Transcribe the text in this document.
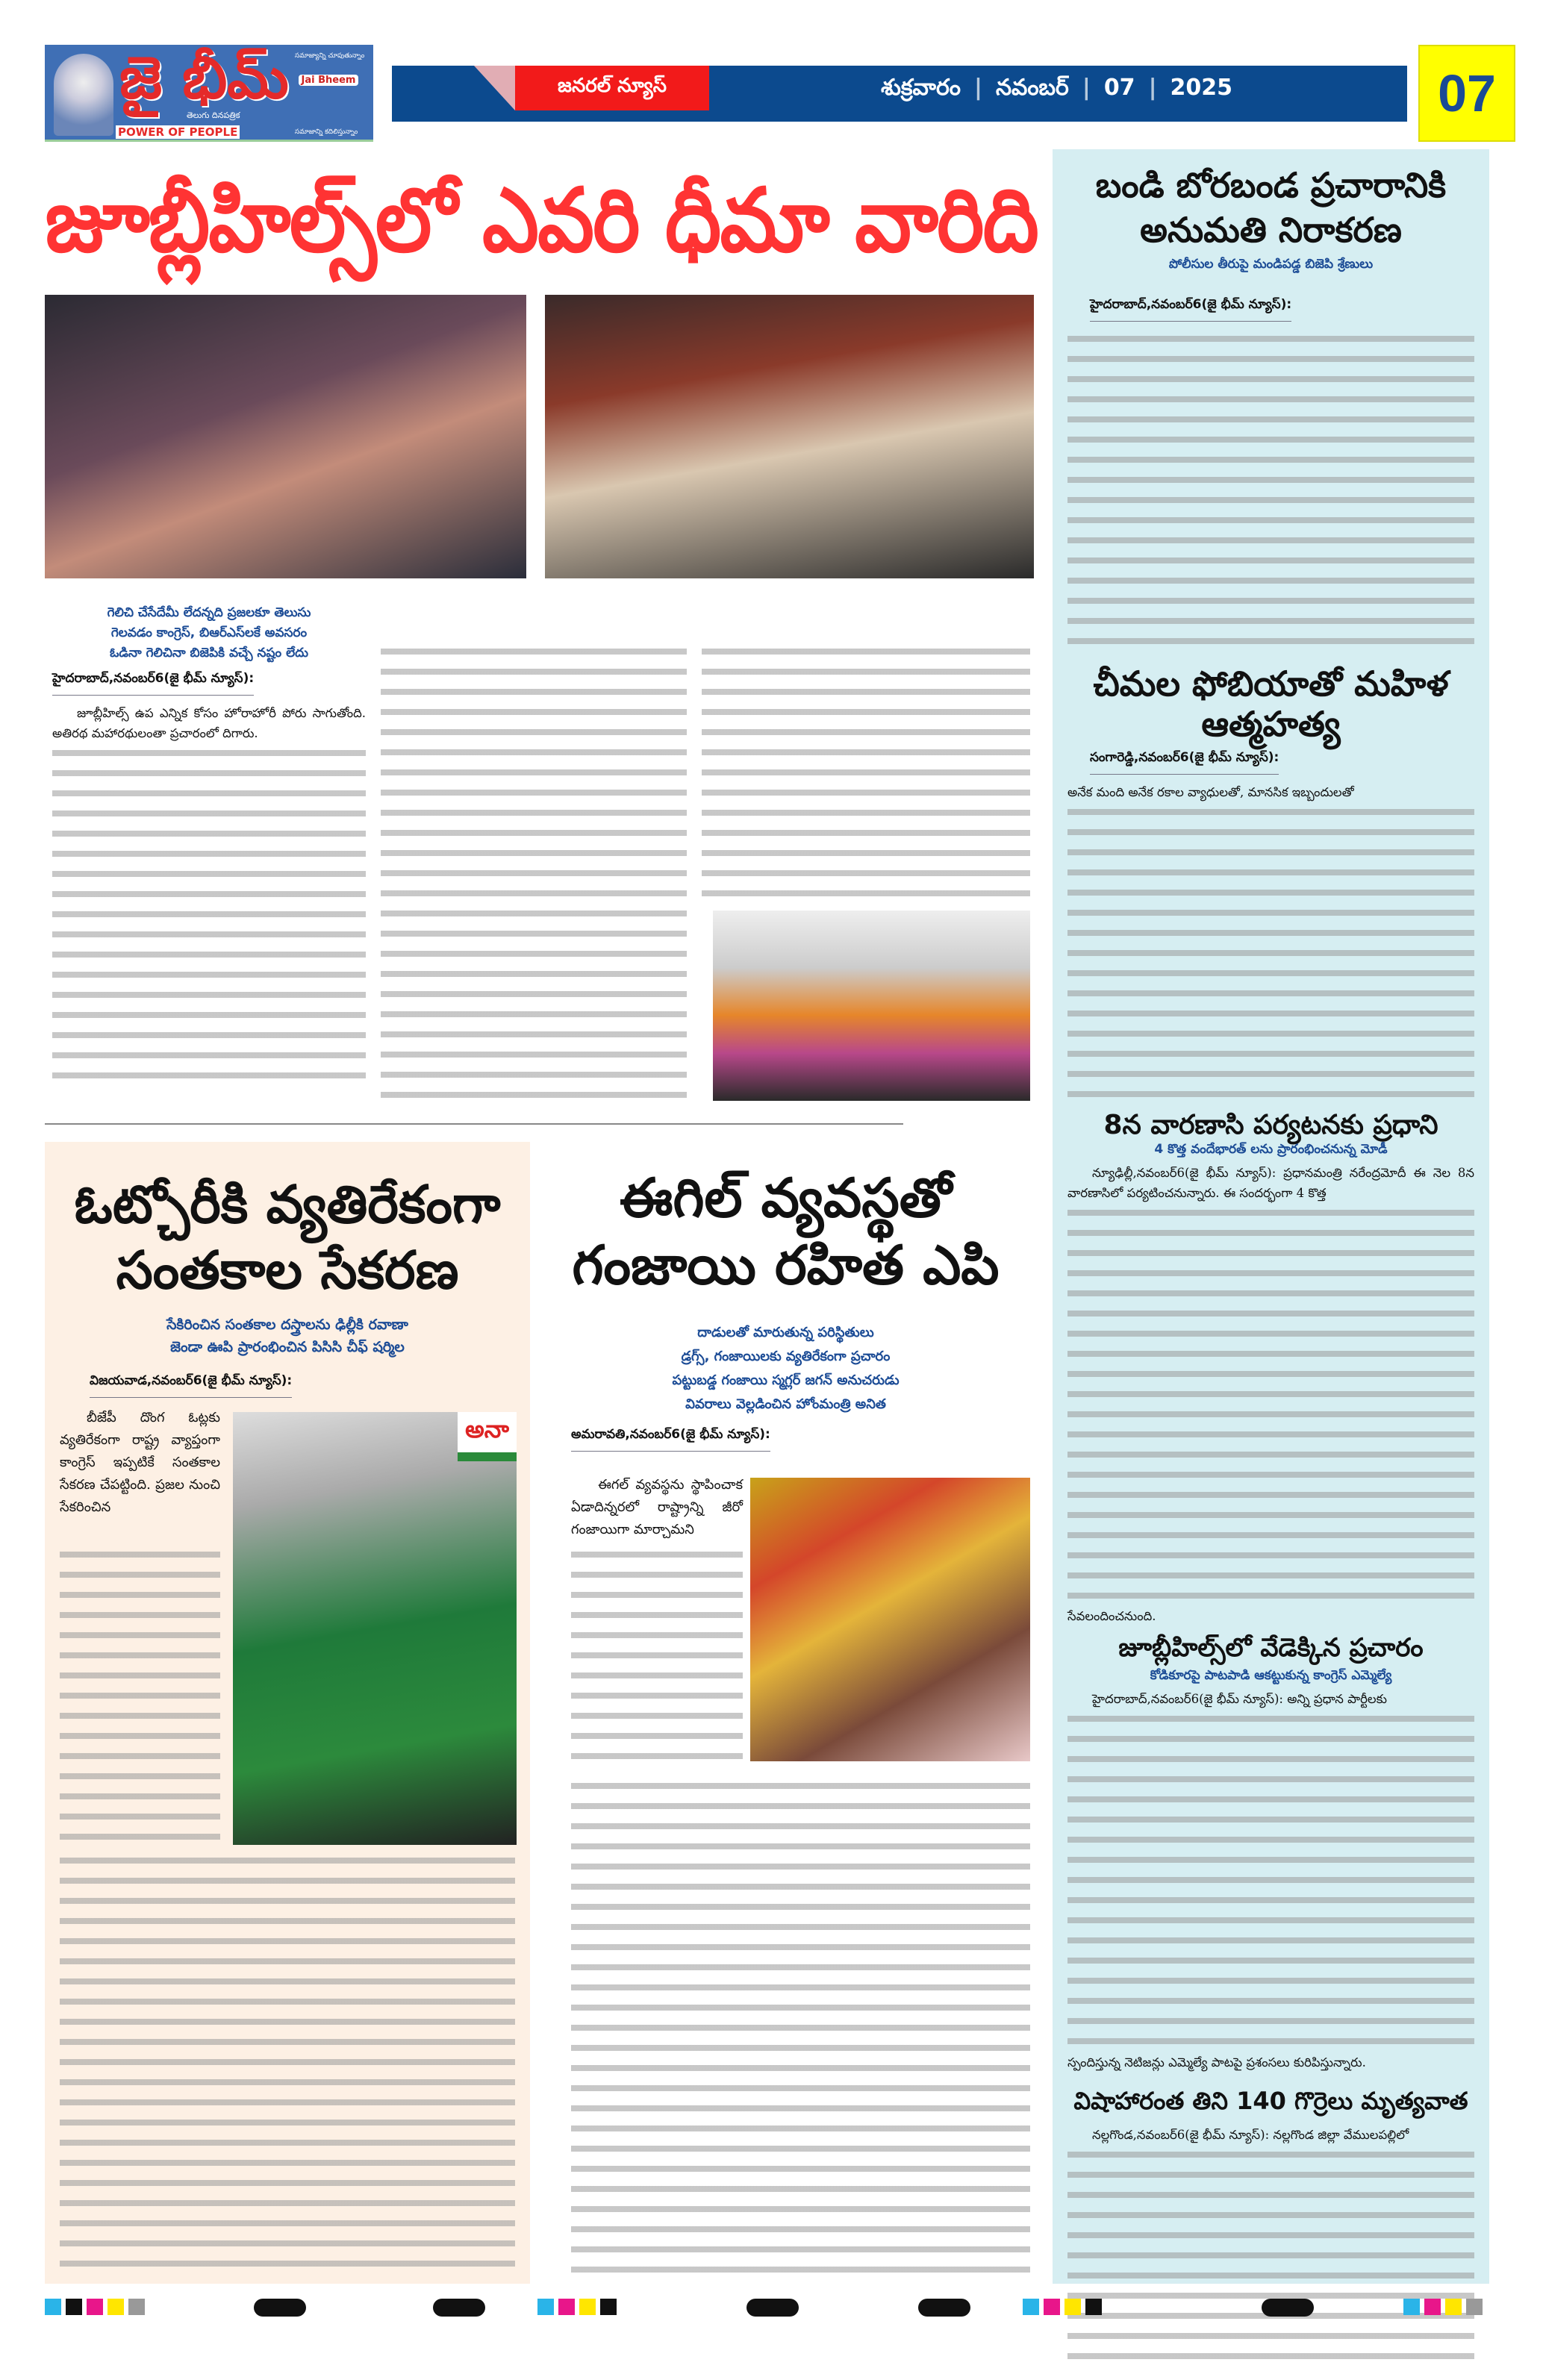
జై భీమ్
తెలుగు దినపత్రిక
POWER OF PEOPLE
సమాజ్యాన్ని చూపుతున్నాం
Jai Bheem
సమాజాన్ని కదిలిస్తున్నాం
జనరల్ న్యూస్	శుక్రవారం | నవంబర్ | 07 | 2025	07
జూబ్లీహిల్స్‌లో ఎవరి ధీమా వారిది
గెలిచి చేసేదేమీ లేదన్నది ప్రజలకూ తెలుసు
గెలవడం కాంగ్రెస్, బిఆర్ఎస్‌లకే అవసరం
ఓడినా గెలిచినా బిజెపికి వచ్చే నష్టం లేదు
హైదరాబాద్,నవంబర్6(జై భీమ్ న్యూస్):
జూబ్లీహిల్స్ ఉప ఎన్నిక కోసం హోరాహోరీ పోరు సాగుతోంది. అతిరథ మహారథులంతా ప్రచారంలో దిగారు.
ఓట్చోరీకి వ్యతిరేకంగా సంతకాల సేకరణ
సేకిరించిన సంతకాల దస్త్రాలను ఢిల్లీకి రవాణా
జెండా ఊపి ప్రారంభించిన పిసిసి చీఫ్ షర్మిల
విజయవాడ,నవంబర్6(జై భీమ్ న్యూస్):
బీజేపీ దొంగ ఓట్లకు వ్యతిరేకంగా రాష్ట్ర వ్యాప్తంగా కాంగ్రెస్ ఇప్పటికే సంతకాల సేకరణ చేపట్టింది. ప్రజల నుంచి సేకరించిన
అనా
ఈగిల్ వ్యవస్థతో గంజాయి రహిత ఎపి
దాడులతో మారుతున్న పరిస్థితులు
డ్రగ్స్, గంజాయిలకు వ్యతిరేకంగా ప్రచారం
పట్టుబడ్డ గంజాయి స్మగ్లర్ జగన్ అనుచరుడు
వివరాలు వెల్లడించిన హోంమంత్రి అనిత
అమరావతి,నవంబర్6(జై భీమ్ న్యూస్):
ఈగల్ వ్యవస్థను స్థాపించాక ఏడాదిన్నరలో రాష్ట్రాన్ని జీరో గంజాయిగా మార్చామని
బండి బోరబండ ప్రచారానికి అనుమతి నిరాకరణ
పోలీసుల తీరుపై మండిపడ్డ బిజెపి శ్రేణులు
హైదరాబాద్,నవంబర్6(జై భీమ్ న్యూస్):
చీమల ఫోబియాతో మహిళ ఆత్మహత్య
సంగారెడ్డి,నవంబర్6(జై భీమ్ న్యూస్):
అనేక మంది అనేక రకాల వ్యాధులతో, మానసిక ఇబ్బందులతో
8న వారణాసి పర్యటనకు ప్రధాని
4 కొత్త వందేభారత్ లను ప్రారంభించనున్న మోడీ
న్యూఢిల్లీ,నవంబర్6(జై భీమ్ న్యూస్): ప్రధానమంత్రి నరేంద్రమోదీ ఈ నెల 8న వారణాసిలో పర్యటించనున్నారు. ఈ సందర్భంగా 4 కొత్త
సేవలందించనుంది.
జూబ్లీహిల్స్‌లో వేడెక్కిన ప్రచారం
కోడికూరపై పాటపాడి ఆకట్టుకున్న కాంగ్రెస్ ఎమ్మెల్యే
హైదరాబాద్,నవంబర్6(జై భీమ్ న్యూస్): అన్ని ప్రధాన పార్టీలకు
స్పందిస్తున్న నెటిజన్లు ఎమ్మెల్యే పాటపై ప్రశంసలు కురిపిస్తున్నారు.
విషాహారంత తిని 140 గొర్రెలు మృత్యవాత
నల్లగొండ,నవంబర్6(జై భీమ్ న్యూస్): నల్లగొండ జిల్లా వేములపల్లిలో
